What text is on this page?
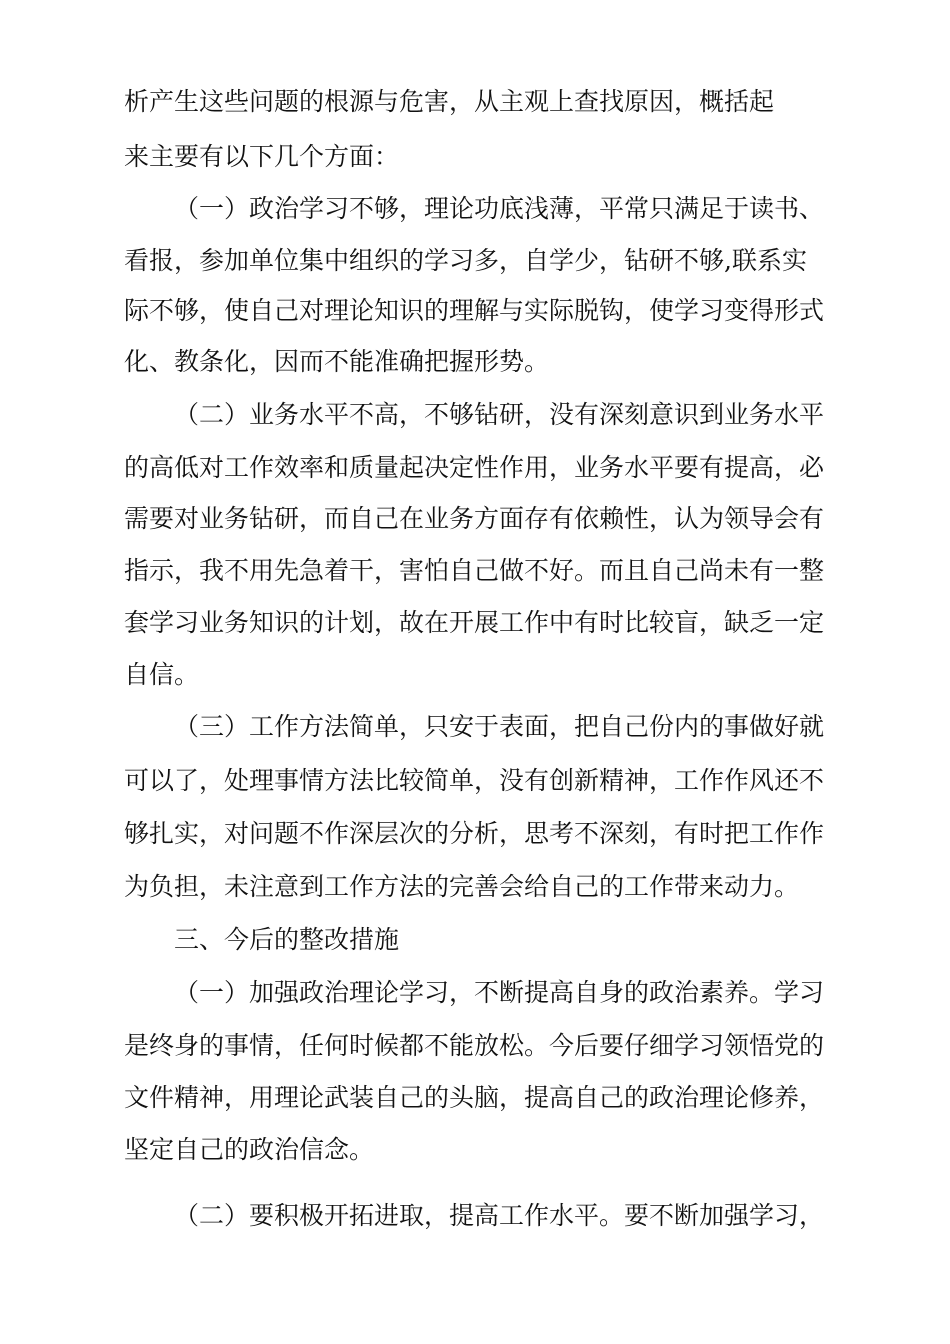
析产生这些问题的根源与危害，从主观上查找原因，概括起
来主要有以下几个方面：
（一）政治学习不够，理论功底浅薄，平常只满足于读书、
看报，参加单位集中组织的学习多，自学少，钻研不够,联系实
际不够，使自己对理论知识的理解与实际脱钩，使学习变得形式
化、教条化，因而不能准确把握形势。
（二）业务水平不高，不够钻研，没有深刻意识到业务水平
的高低对工作效率和质量起决定性作用，业务水平要有提高，必
需要对业务钻研，而自己在业务方面存有依赖性，认为领导会有
指示，我不用先急着干，害怕自己做不好。而且自己尚未有一整
套学习业务知识的计划，故在开展工作中有时比较盲，缺乏一定
自信。
（三）工作方法简单，只安于表面，把自己份内的事做好就
可以了，处理事情方法比较简单，没有创新精神，工作作风还不
够扎实，对问题不作深层次的分析，思考不深刻，有时把工作作
为负担，未注意到工作方法的完善会给自己的工作带来动力。
三、今后的整改措施
（一）加强政治理论学习，不断提高自身的政治素养。学习
是终身的事情，任何时候都不能放松。今后要仔细学习领悟党的
文件精神，用理论武装自己的头脑，提高自己的政治理论修养，
坚定自己的政治信念。
（二）要积极开拓进取，提高工作水平。要不断加强学习，
